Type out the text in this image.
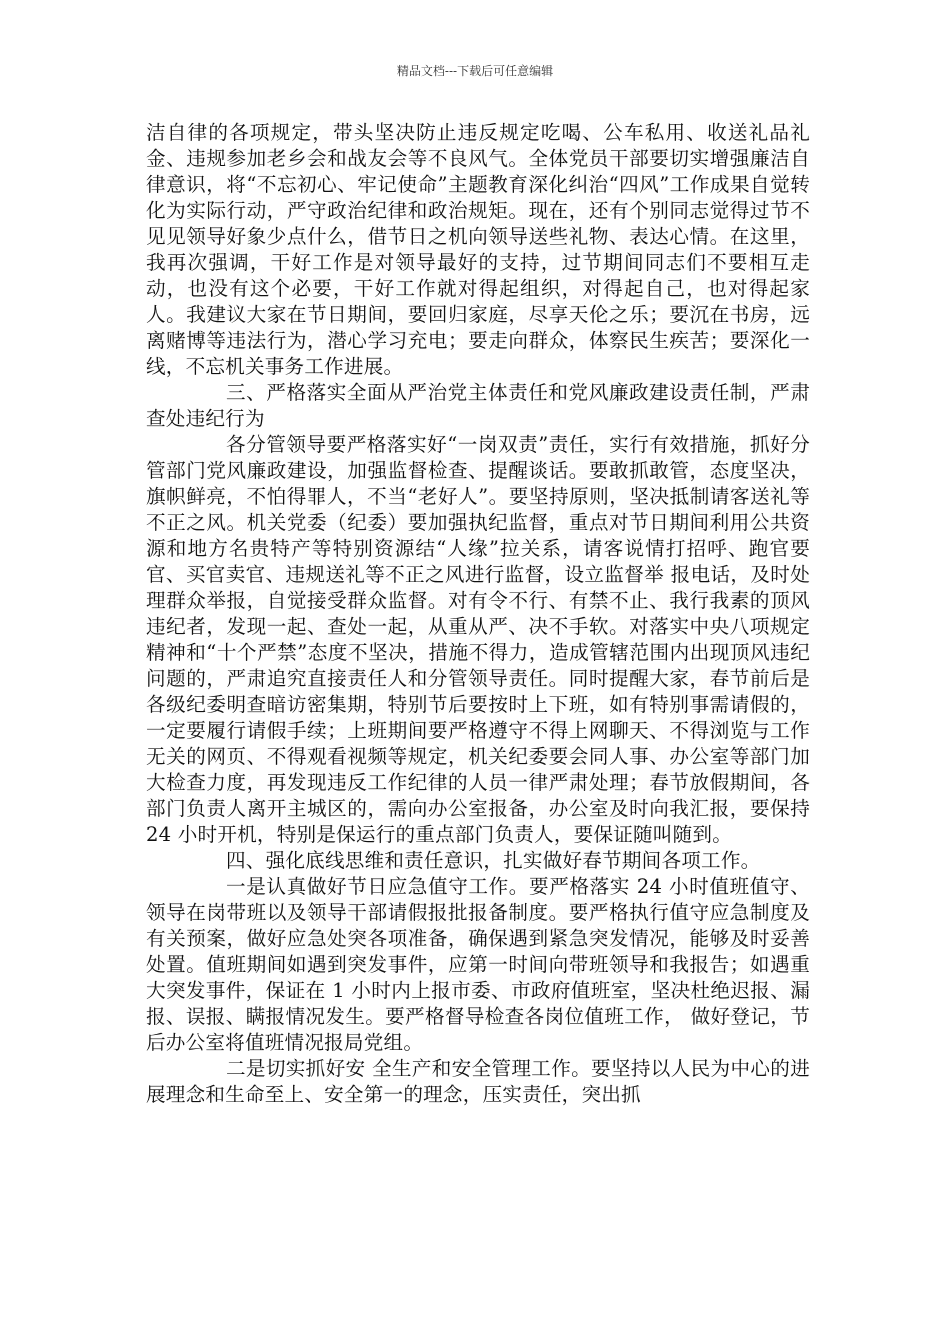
精品文档---下载后可任意编辑

洁自律的各项规定，带头坚决防止违反规定吃喝、公车私用、收送礼品礼金、违规参加老乡会和战友会等不良风气。全体党员干部要切实增强廉洁自律意识，将“不忘初心、牢记使命”主题教育深化纠治“四风”工作成果自觉转化为实际行动，严守政治纪律和政治规矩。现在，还有个别同志觉得过节不见见领导好象少点什么，借节日之机向领导送些礼物、表达心情。在这里，我再次强调，干好工作是对领导最好的支持，过节期间同志们不要相互走动，也没有这个必要，干好工作就对得起组织，对得起自己，也对得起家人。我建议大家在节日期间，要回归家庭，尽享天伦之乐；要沉在书房，远离赌博等违法行为，潜心学习充电；要走向群众，体察民生疾苦；要深化一线，不忘机关事务工作进展。

三、严格落实全面从严治党主体责任和党风廉政建设责任制，严肃查处违纪行为

各分管领导要严格落实好“一岗双责”责任，实行有效措施，抓好分管部门党风廉政建设，加强监督检查、提醒谈话。要敢抓敢管，态度坚决，旗帜鲜亮，不怕得罪人，不当“老好人”。要坚持原则，坚决抵制请客送礼等不正之风。机关党委（纪委）要加强执纪监督，重点对节日期间利用公共资源和地方名贵特产等特别资源结“人缘”拉关系，请客说情打招呼、跑官要官、买官卖官、违规送礼等不正之风进行监督，设立监督举 报电话，及时处理群众举报，自觉接受群众监督。对有令不行、有禁不止、我行我素的顶风违纪者，发现一起、查处一起，从重从严、决不手软。对落实中央八项规定精神和“十个严禁”态度不坚决，措施不得力，造成管辖范围内出现顶风违纪问题的，严肃追究直接责任人和分管领导责任。同时提醒大家，春节前后是各级纪委明查暗访密集期，特别节后要按时上下班，如有特别事需请假的，一定要履行请假手续；上班期间要严格遵守不得上网聊天、不得浏览与工作无关的网页、不得观看视频等规定，机关纪委要会同人事、办公室等部门加大检查力度，再发现违反工作纪律的人员一律严肃处理；春节放假期间，各部门负责人离开主城区的，需向办公室报备，办公室及时向我汇报，要保持 24 小时开机，特别是保运行的重点部门负责人，要保证随叫随到。

四、强化底线思维和责任意识，扎实做好春节期间各项工作。

一是认真做好节日应急值守工作。要严格落实 24 小时值班值守、领导在岗带班以及领导干部请假报批报备制度。要严格执行值守应急制度及有关预案，做好应急处突各项准备，确保遇到紧急突发情况，能够及时妥善处置。值班期间如遇到突发事件，应第一时间向带班领导和我报告；如遇重大突发事件，保证在 1 小时内上报市委、市政府值班室，坚决杜绝迟报、漏报、误报、瞒报情况发生。要严格督导检查各岗位值班工作， 做好登记，节后办公室将值班情况报局党组。

二是切实抓好安 全生产和安全管理工作。要坚持以人民为中心的进展理念和生命至上、安全第一的理念，压实责任，突出抓
